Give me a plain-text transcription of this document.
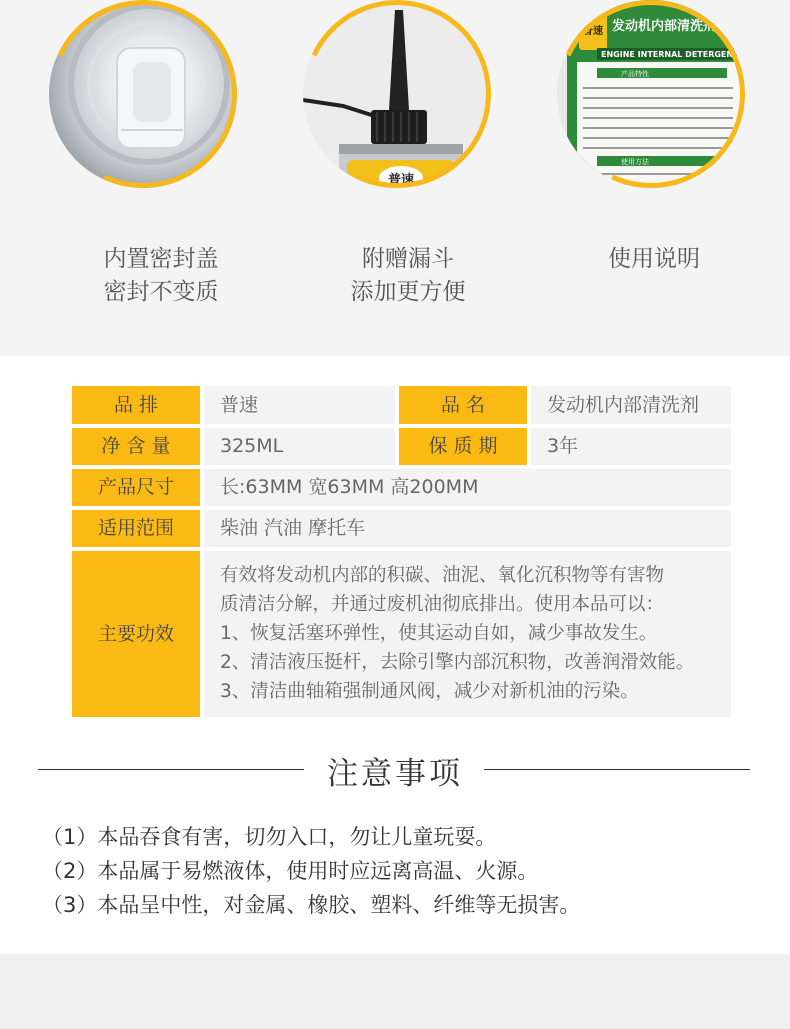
内置密封盖
密封不变质
普速
附赠漏斗
添加更方便
普速 发动机内部清洗剂
ENGINE INTERNAL DETERGENT
产品特性
使用方法
使用说明
品 排	普速	品 名	发动机内部清洗剂
净 含 量	325ML	保 质 期	3年
产品尺寸	长:63MM 宽63MM 高200MM
适用范围	柴油 汽油 摩托车
主要功效
有效将发动机内部的积碳、油泥、氧化沉积物等有害物
质清洁分解，并通过废机油彻底排出。使用本品可以：
1、恢复活塞环弹性，使其运动自如，减少事故发生。
2、清洁液压挺杆，去除引擎内部沉积物，改善润滑效能。
3、清洁曲轴箱强制通风阀，减少对新机油的污染。
注意事项
（1）本品吞食有害，切勿入口，勿让儿童玩耍。
（2）本品属于易燃液体，使用时应远离高温、火源。
（3）本品呈中性，对金属、橡胶、塑料、纤维等无损害。
